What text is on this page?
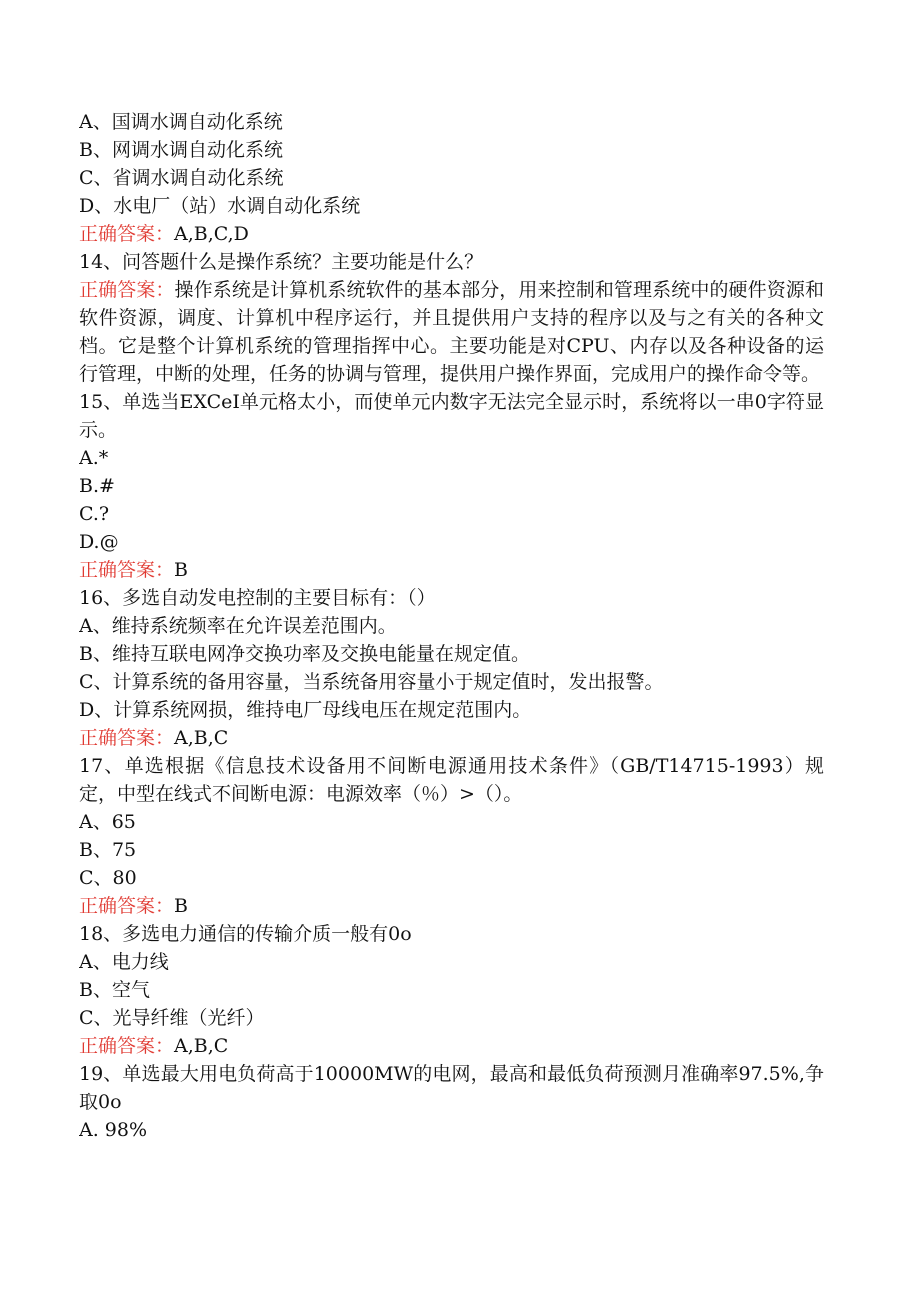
A、国调水调自动化系统
B、网调水调自动化系统
C、省调水调自动化系统
D、水电厂（站）水调自动化系统
正确答案：A,B,C,D
14、问答题什么是操作系统？主要功能是什么？
正确答案：操作系统是计算机系统软件的基本部分，用来控制和管理系统中的硬件资源和软件资源，调度、计算机中程序运行，并且提供用户支持的程序以及与之有关的各种文档。它是整个计算机系统的管理指挥中心。主要功能是对CPU、内存以及各种设备的运行管理，中断的处理，任务的协调与管理，提供用户操作界面，完成用户的操作命令等。
15、单选当EXCeI单元格太小，而使单元内数字无法完全显示时，系统将以一串0字符显示。
A.*
B.#
C.?
D.@
正确答案：B
16、多选自动发电控制的主要目标有：（）
A、维持系统频率在允许误差范围内。
B、维持互联电网净交换功率及交换电能量在规定值。
C、计算系统的备用容量，当系统备用容量小于规定值时，发出报警。
D、计算系统网损，维持电厂母线电压在规定范围内。
正确答案：A,B,C
17、单选根据《信息技术设备用不间断电源通用技术条件》（GB/T14715-1993）规定，中型在线式不间断电源：电源效率（％）>（）。
A、65
B、75
C、80
正确答案：B
18、多选电力通信的传输介质一般有0o
A、电力线
B、空气
C、光导纤维（光纤）
正确答案：A,B,C
19、单选最大用电负荷高于10000MW的电网，最高和最低负荷预测月准确率97.5%,争取0o
A. 98%
